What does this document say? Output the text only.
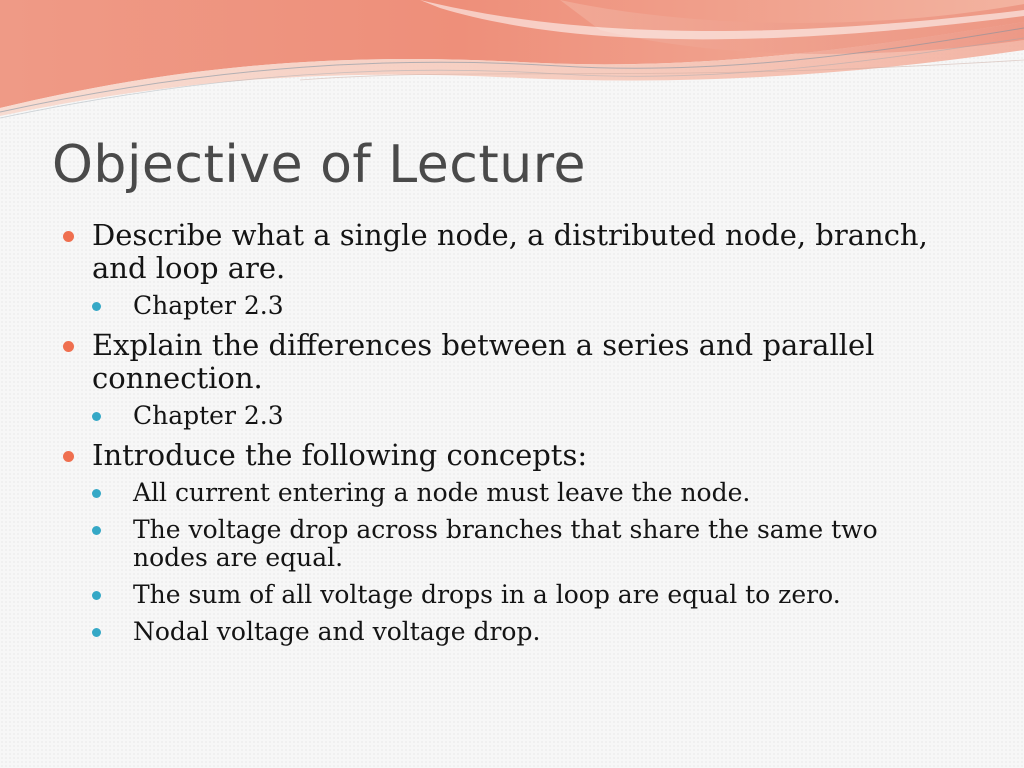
Objective of Lecture
Describe what a single node, a distributed node, branch, and loop are.
Chapter 2.3
Explain the differences between a series and parallel connection.
Chapter 2.3
Introduce the following concepts:
All current entering a node must leave the node.
The voltage drop across branches that share the same two nodes are equal.
The sum of all voltage drops in a loop are equal to zero.
Nodal voltage and voltage drop.
